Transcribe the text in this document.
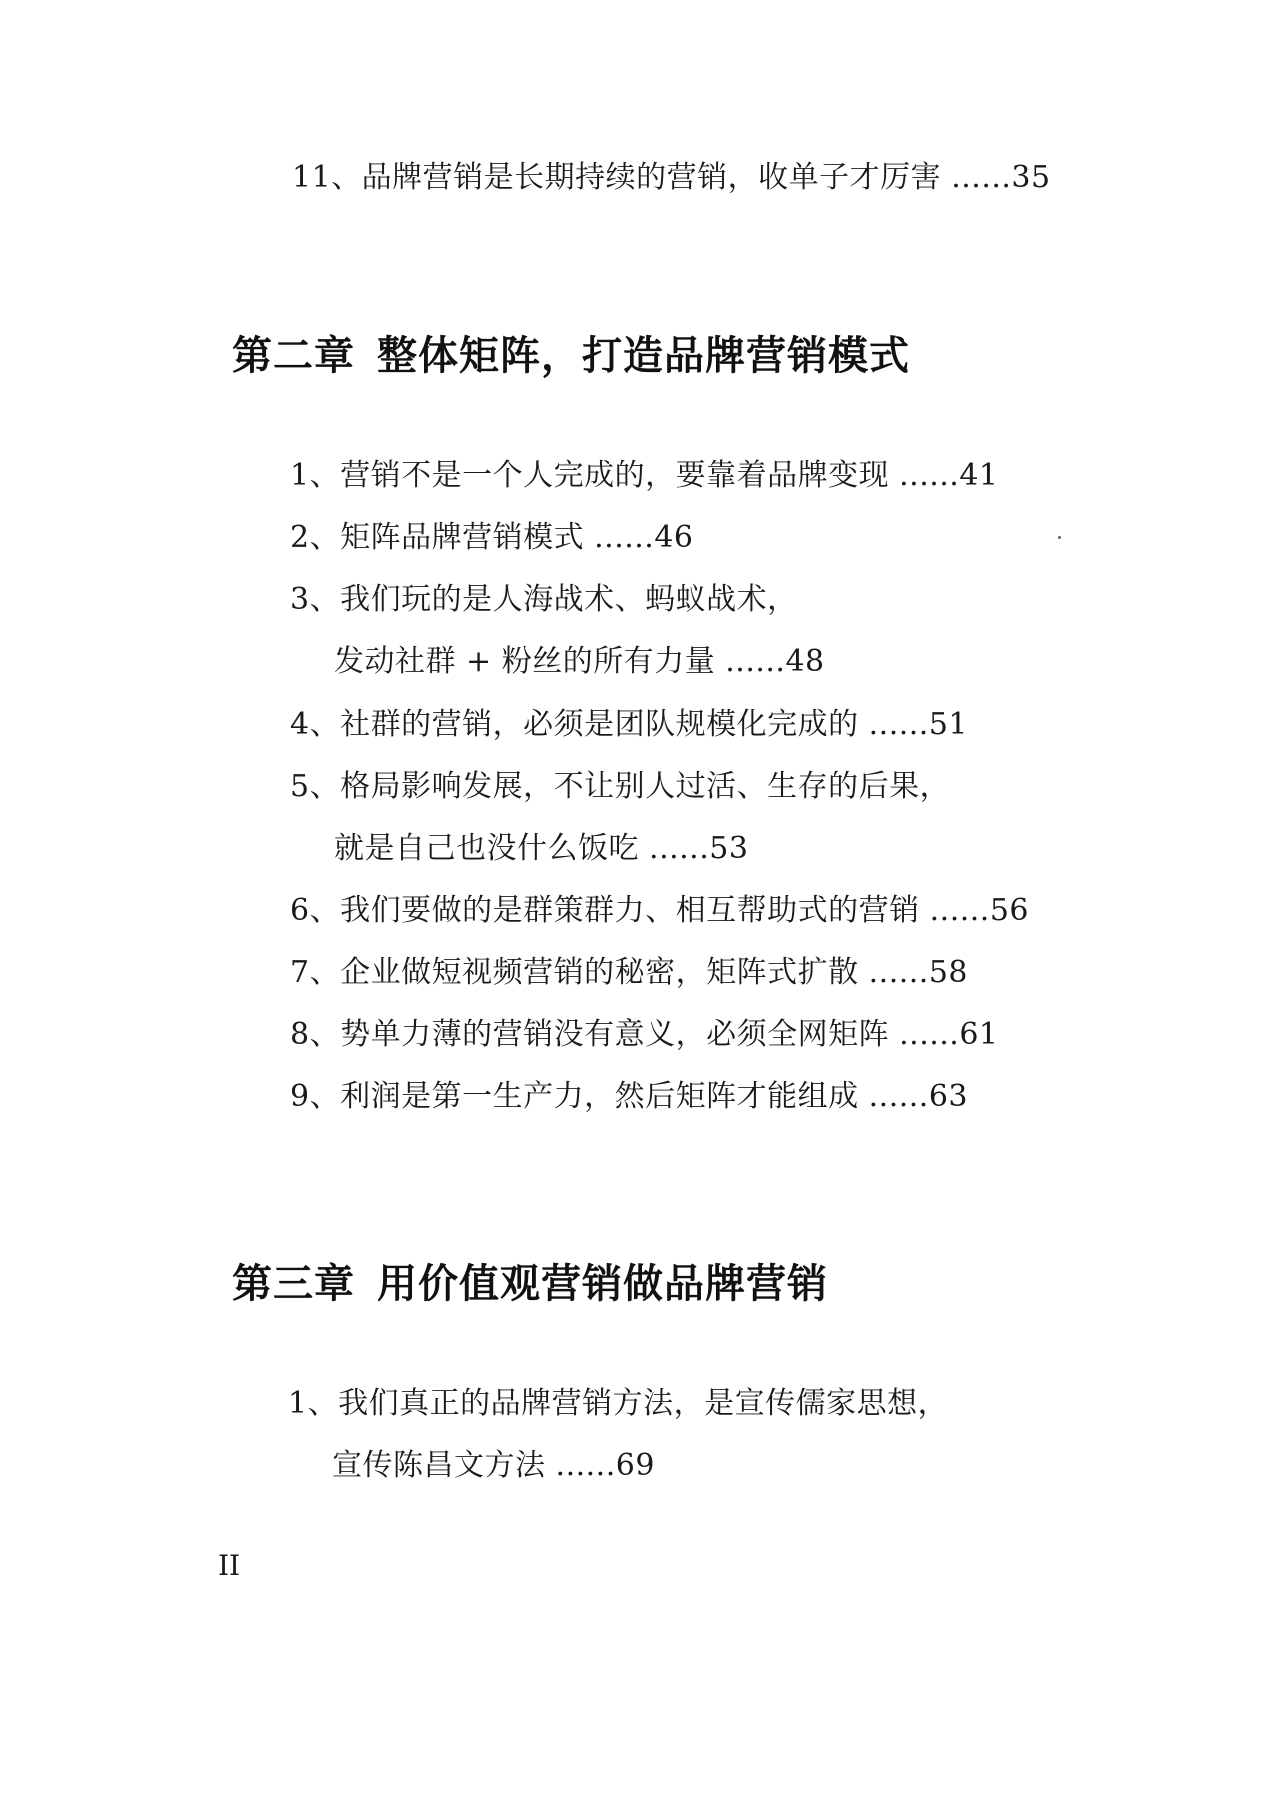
11、品牌营销是长期持续的营销，收单子才厉害 ......35
第二章 整体矩阵，打造品牌营销模式
1、营销不是一个人完成的，要靠着品牌变现 ......41
2、矩阵品牌营销模式 ......46
3、我们玩的是人海战术、蚂蚁战术，
发动社群 + 粉丝的所有力量 ......48
4、社群的营销，必须是团队规模化完成的 ......51
5、格局影响发展，不让别人过活、生存的后果，
就是自己也没什么饭吃 ......53
6、我们要做的是群策群力、相互帮助式的营销 ......56
7、企业做短视频营销的秘密，矩阵式扩散 ......58
8、势单力薄的营销没有意义，必须全网矩阵 ......61
9、利润是第一生产力，然后矩阵才能组成 ......63
第三章 用价值观营销做品牌营销
1、我们真正的品牌营销方法，是宣传儒家思想，
宣传陈昌文方法 ......69
II
